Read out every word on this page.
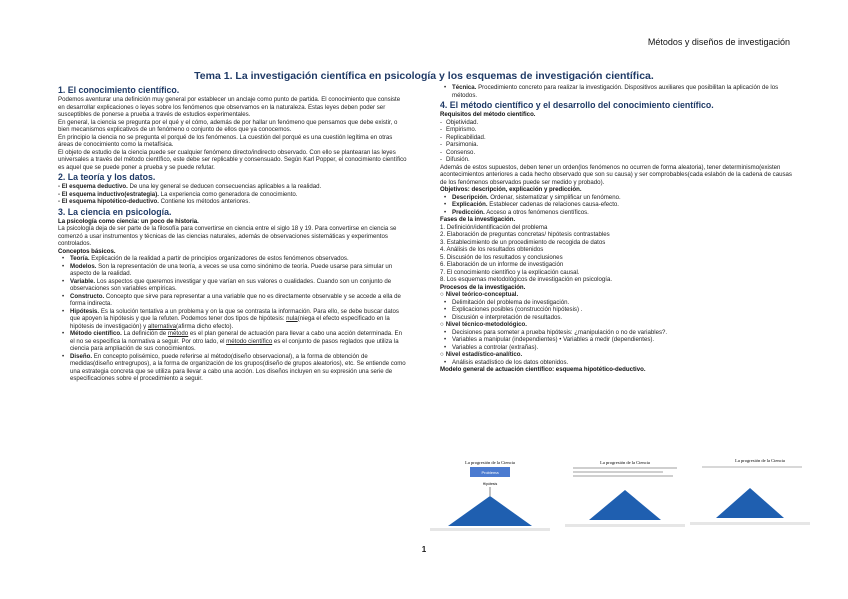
Métodos y diseños de investigación
Tema 1. La investigación científica en psicología y los esquemas de investigación científica.
1. El conocimiento científico.

Podemos aventurar una definición muy general por establecer un anclaje como punto de partida. El conocimiento que consiste en desarrollar explicaciones o leyes sobre los fenómenos que observamos en la naturaleza. Estas leyes deben poder ser susceptibles de ponerse a prueba a través de estudios experimentales.

En general, la ciencia se pregunta por el qué y el cómo, además de por hallar un fenómeno que pensamos que debe existir, o bien mecanismos explicativos de un fenómeno o conjunto de ellos que ya conocemos.

En principio la ciencia no se pregunta el porqué de los fenómenos. La cuestión del porqué es una cuestión legítima en otras áreas de conocimiento como la metafísica.

El objeto de estudio de la ciencia puede ser cualquier fenómeno directo/indirecto observado. Con ello se plantearan las leyes universales a través del método científico, este debe ser replicable y consensuado. Según Karl Popper, el conocimiento científico es aquel que se puede poner a prueba y se puede refutar.

2. La teoría y los datos.

- El esquema deductivo. De una ley general se deducen consecuencias aplicables a la realidad.

- El esquema inductivo(estrategia). La experiencia como generadora de conocimiento.

- El esquema hipotético-deductivo. Contiene los métodos anteriores.

3. La ciencia en psicología.

La psicología como ciencia: un poco de historia.

La psicología deja de ser parte de la filosofía para convertirse en ciencia entre el siglo 18 y 19. Para convertirse en ciencia se comenzó a usar instrumentos y técnicas de las ciencias naturales, además de observaciones sistemáticas y experimentos controlados.

Conceptos básicos.

• Teoría. Explicación de la realidad a partir de principios organizadores de estos fenómenos observados.
• Modelos. Son la representación de una teoría, a veces se usa como sinónimo de teoría. Puede usarse para simular un aspecto de la realidad.
• Variable. Los aspectos que queremos investigar y que varían en sus valores o cualidades. Cuando son un conjunto de observaciones son variables empíricas.
• Constructo. Concepto que sirve para representar a una variable que no es directamente observable y se accede a ella de forma indirecta.
• Hipótesis. Es la solución tentativa a un problema y on la que se contrasta la información. Para ello, se debe buscar datos que apoyen la hipótesis y que la refuten. Podemos tener dos tipos de hipótesis: nula(niega el efecto especificado en la hipótesis de investigación) y alternativa(afirma dicho efecto).
• Método científico. La definición de método es el plan general de actuación para llevar a cabo una acción determinada. En el no se especifica la normativa a seguir. Por otro lado, el método científico es el conjunto de pasos reglados que utiliza la ciencia para ampliación de sus conocimientos.
• Diseño. En concepto polisémico, puede referirse al método(diseño observacional), a la forma de obtención de medidas(diseño entregrupos), a la forma de organización de los grupos(diseño de grupos aleatorios), etc. Se entiende como una estrategia concreta que se utiliza para llevar a cabo una acción. Los diseños incluyen en su expresión una serie de especificaciones sobre el procedimiento a seguir.
• Técnica. Procedimiento concreto para realizar la investigación. Dispositivos auxiliares que posibilitan la aplicación de los métodos.
4. El método científico y el desarrollo del conocimiento científico.

Requisitos del método científico.

- Objetividad.
- Empirismo.
- Replicabilidad.
- Parsimonia.
- Consenso.
- Difusión.

Además de estos supuestos, deben tener un orden(los fenómenos no ocurren de forma aleatoria), tener determinismo(existen acontecimientos anteriores a cada hecho observado que son su causa) y ser comprobables(cada eslabón de la cadena de causas de los fenómenos observados puede ser medido y probado).

Objetivos: descripción, explicación y predicción.

• Descripción. Ordenar, sistematizar y simplificar un fenómeno.
• Explicación. Establecer cadenas de relaciones causa-efecto.
• Predicción. Acceso a otros fenómenos científicos.

Fases de la investigación.

1. Definición/identificación del problema
2. Elaboración de preguntas concretas/ hipótesis contrastables
3. Establecimiento de un procedimiento de recogida de datos
4. Análisis de los resultados obtenidos
5. Discusión de los resultados y conclusiones
6. Elaboración de un informe de investigación
7. El conocimiento científico y la explicación causal.
8. Los esquemas metodológicos de investigación en psicología.

Procesos de la investigación.

○ Nivel teórico-conceptual.

• Delimitación del problema de investigación.
• Explicaciones posibles (construcción hipótesis) .
• Discusión e interpretación de resultados.

○ Nivel técnico-metodológico.

• Decisiones para someter a prueba hipótesis: ¿manipulación o no de variables?.
• Variables a manipular (independientes) • Variables a medir (dependientes).
• Variables a controlar (extrañas).

○ Nivel estadístico-analítico.

• Análisis estadístico de los datos obtenidos.

Modelo general de actuación científico: esquema hipotético-deductivo.

La progresión de la Ciencia
Problema
Hipótesis
La progresión de la Ciencia	La progresión de la Ciencia
1
